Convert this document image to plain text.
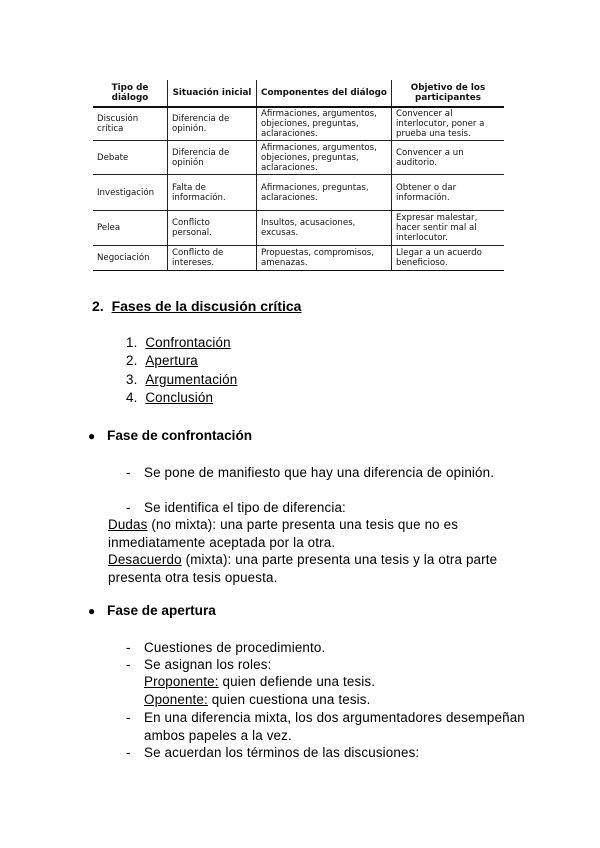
Tipo de diálogo	Situación inicial	Componentes del diálogo	Objetivo de los participantes
Discusión crítica	Diferencia de opinión.	Afirmaciones, argumentos, objeciones, preguntas, aclaraciones.	Convencer al interlocutor, poner a prueba una tesis.
Debate	Diferencia de opinión	Afirmaciones, argumentos, objeciones, preguntas, aclaraciones.	Convencer a un auditorio.
Investigación	Falta de información.	Afirmaciones, preguntas, aclaraciones.	Obtener o dar información.
Pelea	Conflicto personal.	Insultos, acusaciones, excusas.	Expresar malestar, hacer sentir mal al interlocutor.
Negociación	Conflicto de intereses.	Propuestas, compromisos, amenazas.	Llegar a un acuerdo beneficioso.
2. Fases de la discusión crítica
1. Confrontación
2. Apertura
3. Argumentación
4. Conclusión
● Fase de confrontación
- Se pone de manifiesto que hay una diferencia de opinión.
- Se identifica el tipo de diferencia:
Dudas (no mixta): una parte presenta una tesis que no es
inmediatamente aceptada por la otra.
Desacuerdo (mixta): una parte presenta una tesis y la otra parte
presenta otra tesis opuesta.
● Fase de apertura
- Cuestiones de procedimiento.
- Se asignan los roles:
Proponente: quien defiende una tesis.
Oponente: quien cuestiona una tesis.
- En una diferencia mixta, los dos argumentadores desempeñan
ambos papeles a la vez.
- Se acuerdan los términos de las discusiones:
